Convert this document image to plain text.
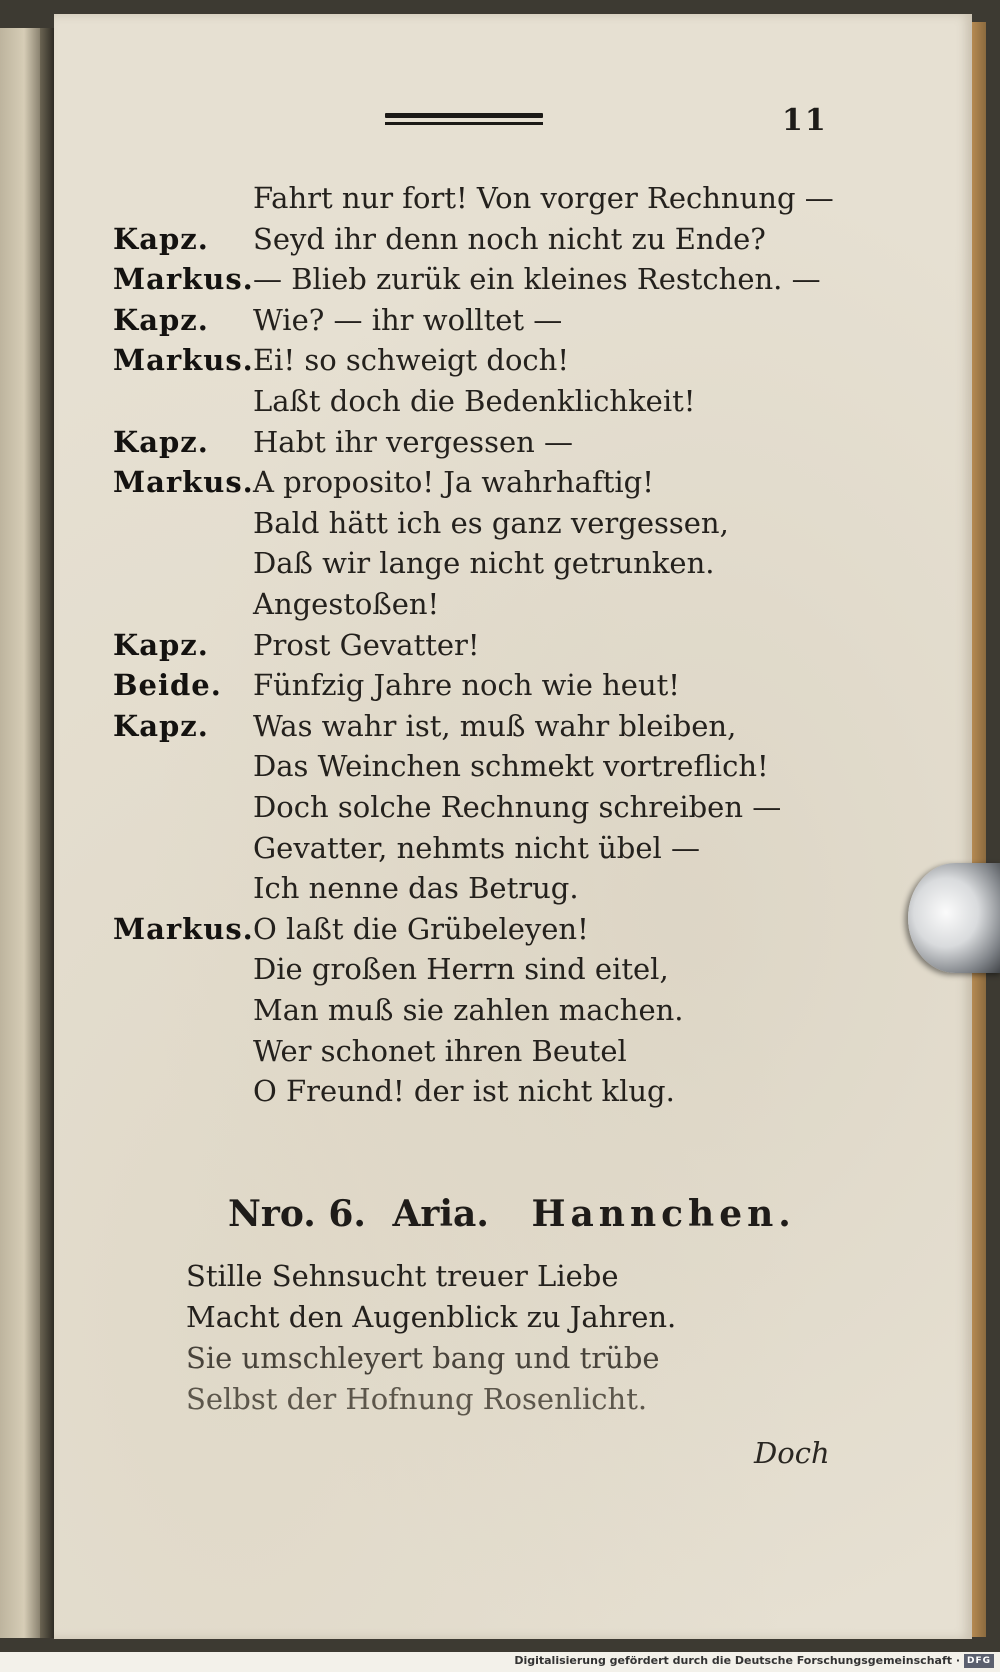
11
Fahrt nur fort! Von vorger Rechnung —
Kapz. Seyd ihr denn noch nicht zu Ende?
Markus. — Blieb zurük ein kleines Restchen. —
Kapz. Wie? — ihr wolltet —
Markus. Ei! so schweigt doch!
Laßt doch die Bedenklichkeit!
Kapz. Habt ihr vergessen —
Markus. A proposito! Ja wahrhaftig!
Bald hätt ich es ganz vergessen,
Daß wir lange nicht getrunken.
Angestoßen!
Kapz. Prost Gevatter!
Beide. Fünfzig Jahre noch wie heut!
Kapz. Was wahr ist, muß wahr bleiben,
Das Weinchen schmekt vortreflich!
Doch solche Rechnung schreiben —
Gevatter, nehmts nicht übel —
Ich nenne das Betrug.
Markus. O laßt die Grübeleyen!
Die großen Herrn sind eitel,
Man muß sie zahlen machen.
Wer schonet ihren Beutel
O Freund! der ist nicht klug.
Nro. 6. Aria. Hannchen.
Stille Sehnsucht treuer Liebe
Macht den Augenblick zu Jahren.
Sie umschleyert bang und trübe
Selbst der Hofnung Rosenlicht.
Doch
Digitalisierung gefördert durch die Deutsche Forschungsgemeinschaft · DFG
